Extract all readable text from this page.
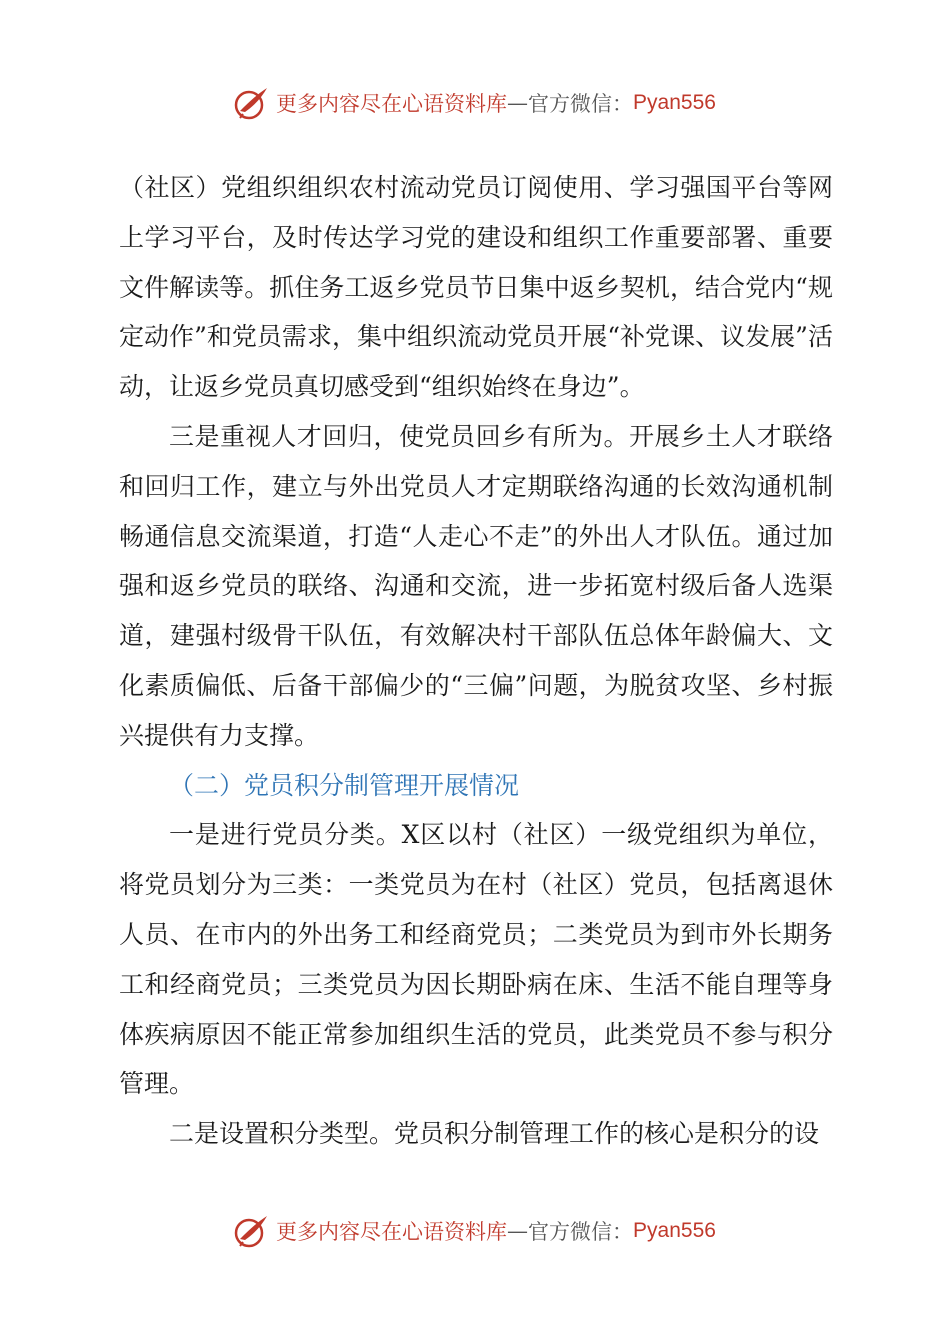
更多内容尽在心语资料库 — 官方微信： Pyan556

（社区）党组织组织农村流动党员订阅使用、学习强国平台等网上学习平台，及时传达学习党的建设和组织工作重要部署、重要文件解读等。抓住务工返乡党员节日集中返乡契机，结合党内“规定动作”和党员需求，集中组织流动党员开展“补党课、议发展”活动，让返乡党员真切感受到“组织始终在身边”。

三是重视人才回归，使党员回乡有所为。开展乡土人才联络和回归工作，建立与外出党员人才定期联络沟通的长效沟通机制畅通信息交流渠道，打造“人走心不走”的外出人才队伍。通过加强和返乡党员的联络、沟通和交流，进一步拓宽村级后备人选渠道，建强村级骨干队伍，有效解决村干部队伍总体年龄偏大、文化素质偏低、后备干部偏少的“三偏”问题，为脱贫攻坚、乡村振兴提供有力支撑。

（二）党员积分制管理开展情况

一是进行党员分类。X区以村（社区）一级党组织为单位，将党员划分为三类：一类党员为在村（社区）党员，包括离退休人员、在市内的外出务工和经商党员；二类党员为到市外长期务工和经商党员；三类党员为因长期卧病在床、生活不能自理等身体疾病原因不能正常参加组织生活的党员，此类党员不参与积分管理。

二是设置积分类型。党员积分制管理工作的核心是积分的设

更多内容尽在心语资料库 — 官方微信： Pyan556
